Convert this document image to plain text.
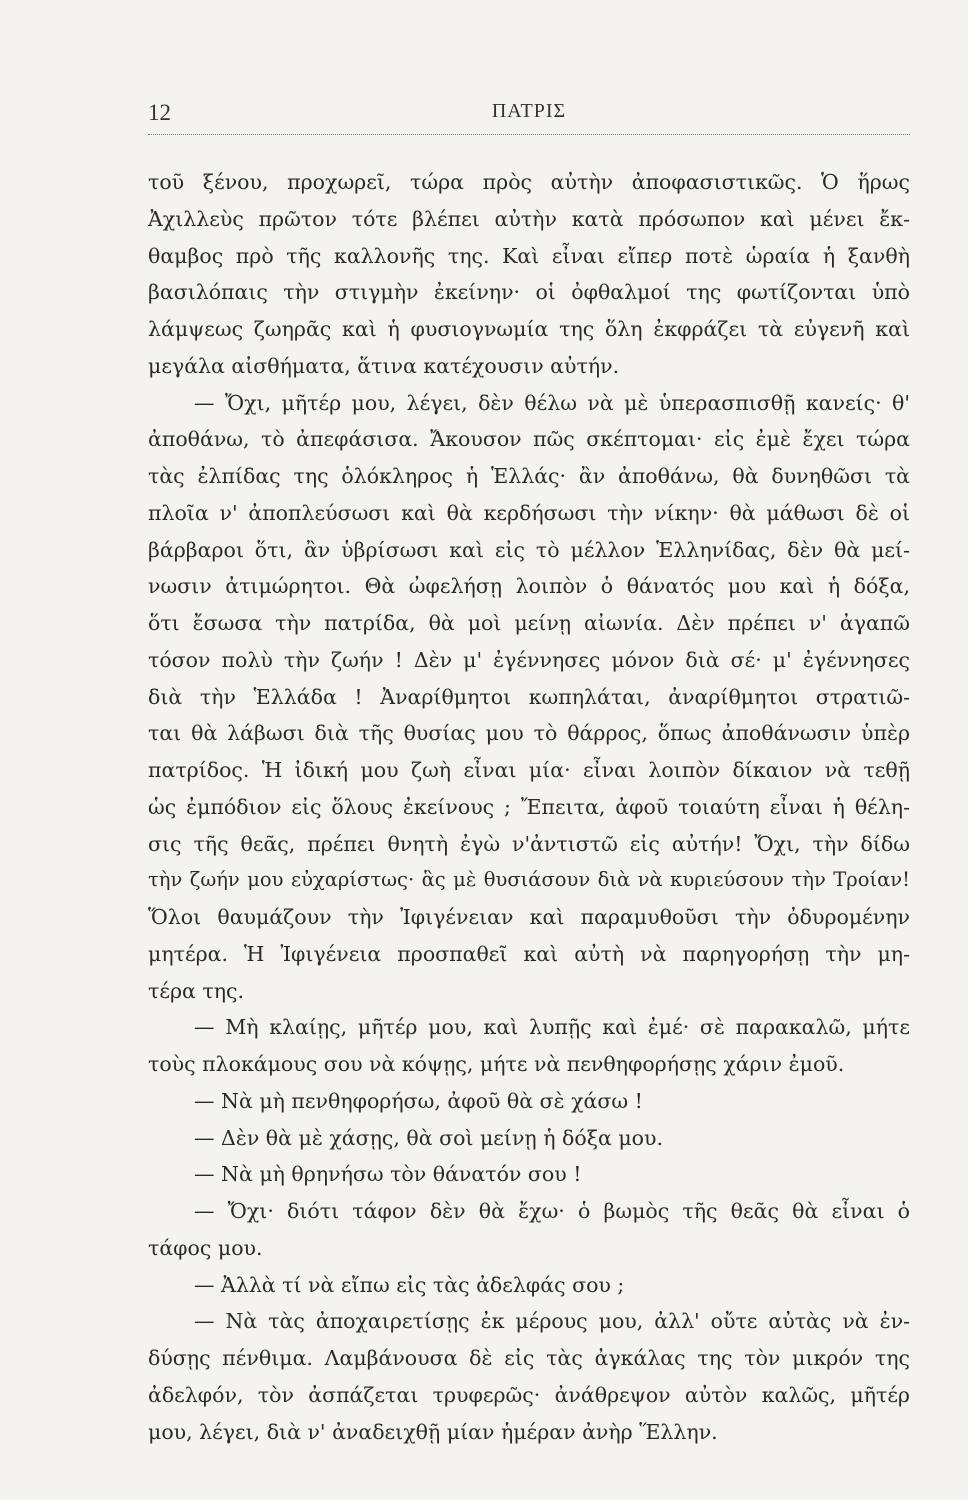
12	ΠΑΤΡΙΣ
τοῦ ξένου, προχωρεῖ, τώρα πρὸς αὐτὴν ἀποφασιστικῶς. Ὁ ἥρως
Ἀχιλλεὺς πρῶτον τότε βλέπει αὐτὴν κατὰ πρόσωπον καὶ μένει ἔκ-
θαμβος πρὸ τῆς καλλονῆς της. Καὶ εἶναι εἴπερ ποτὲ ὡραία ἡ ξανθὴ
βασιλόπαις τὴν στιγμὴν ἐκείνην· οἱ ὀφθαλμοί της φωτίζονται ὑπὸ
λάμψεως ζωηρᾶς καὶ ἡ φυσιογνωμία της ὅλη ἐκφράζει τὰ εὐγενῆ καὶ
μεγάλα αἰσθήματα, ἅτινα κατέχουσιν αὐτήν.
— Ὄχι, μῆτέρ μου, λέγει, δὲν θέλω νὰ μὲ ὑπερασπισθῇ κανείς· θ'
ἀποθάνω, τὸ ἀπεφάσισα. Ἄκουσον πῶς σκέπτομαι· εἰς ἐμὲ ἔχει τώρα
τὰς ἐλπίδας της ὁλόκληρος ἡ Ἑλλάς· ἂν ἀποθάνω, θὰ δυνηθῶσι τὰ
πλοῖα ν' ἀποπλεύσωσι καὶ θὰ κερδήσωσι τὴν νίκην· θὰ μάθωσι δὲ οἱ
βάρβαροι ὅτι, ἂν ὑβρίσωσι καὶ εἰς τὸ μέλλον Ἑλληνίδας, δὲν θὰ μεί-
νωσιν ἀτιμώρητοι. Θὰ ὠφελήσῃ λοιπὸν ὁ θάνατός μου καὶ ἡ δόξα,
ὅτι ἔσωσα τὴν πατρίδα, θὰ μοὶ μείνῃ αἰωνία. Δὲν πρέπει ν' ἀγαπῶ
τόσον πολὺ τὴν ζωήν ! Δὲν μ' ἐγέννησες μόνον διὰ σέ· μ' ἐγέννησες
διὰ τὴν Ἑλλάδα ! Ἀναρίθμητοι κωπηλάται, ἀναρίθμητοι στρατιῶ-
ται θὰ λάβωσι διὰ τῆς θυσίας μου τὸ θάρρος, ὅπως ἀποθάνωσιν ὑπὲρ
πατρίδος. Ἡ ἰδική μου ζωὴ εἶναι μία· εἶναι λοιπὸν δίκαιον νὰ τεθῇ
ὡς ἐμπόδιον εἰς ὅλους ἐκείνους ; Ἔπειτα, ἀφοῦ τοιαύτη εἶναι ἡ θέλη-
σις τῆς θεᾶς, πρέπει θνητὴ ἐγὼ ν'ἀντιστῶ εἰς αὐτήν! Ὄχι, τὴν δίδω
τὴν ζωήν μου εὐχαρίστως· ἃς μὲ θυσιάσουν διὰ νὰ κυριεύσουν τὴν Τροίαν!
Ὅλοι θαυμάζουν τὴν Ἰφιγένειαν καὶ παραμυθοῦσι τὴν ὀδυρομένην
μητέρα. Ἡ Ἰφιγένεια προσπαθεῖ καὶ αὐτὴ νὰ παρηγορήσῃ τὴν μη-
τέρα της.
— Μὴ κλαίῃς, μῆτέρ μου, καὶ λυπῇς καὶ ἐμέ· σὲ παρακαλῶ, μήτε
τοὺς πλοκάμους σου νὰ κόψῃς, μήτε νὰ πενθηφορήσῃς χάριν ἐμοῦ.
— Νὰ μὴ πενθηφορήσω, ἀφοῦ θὰ σὲ χάσω !
— Δὲν θὰ μὲ χάσῃς, θὰ σοὶ μείνῃ ἡ δόξα μου.
— Νὰ μὴ θρηνήσω τὸν θάνατόν σου !
— Ὄχι· διότι τάφον δὲν θὰ ἔχω· ὁ βωμὸς τῆς θεᾶς θὰ εἶναι ὁ
τάφος μου.
— Ἀλλὰ τί νὰ εἴπω εἰς τὰς ἀδελφάς σου ;
— Νὰ τὰς ἀποχαιρετίσῃς ἐκ μέρους μου, ἀλλ' οὔτε αὐτὰς νὰ ἐν-
δύσῃς πένθιμα. Λαμβάνουσα δὲ εἰς τὰς ἀγκάλας της τὸν μικρόν της
ἀδελφόν, τὸν ἀσπάζεται τρυφερῶς· ἀνάθρεψον αὐτὸν καλῶς, μῆτέρ
μου, λέγει, διὰ ν' ἀναδειχθῇ μίαν ἡμέραν ἀνὴρ Ἕλλην.
